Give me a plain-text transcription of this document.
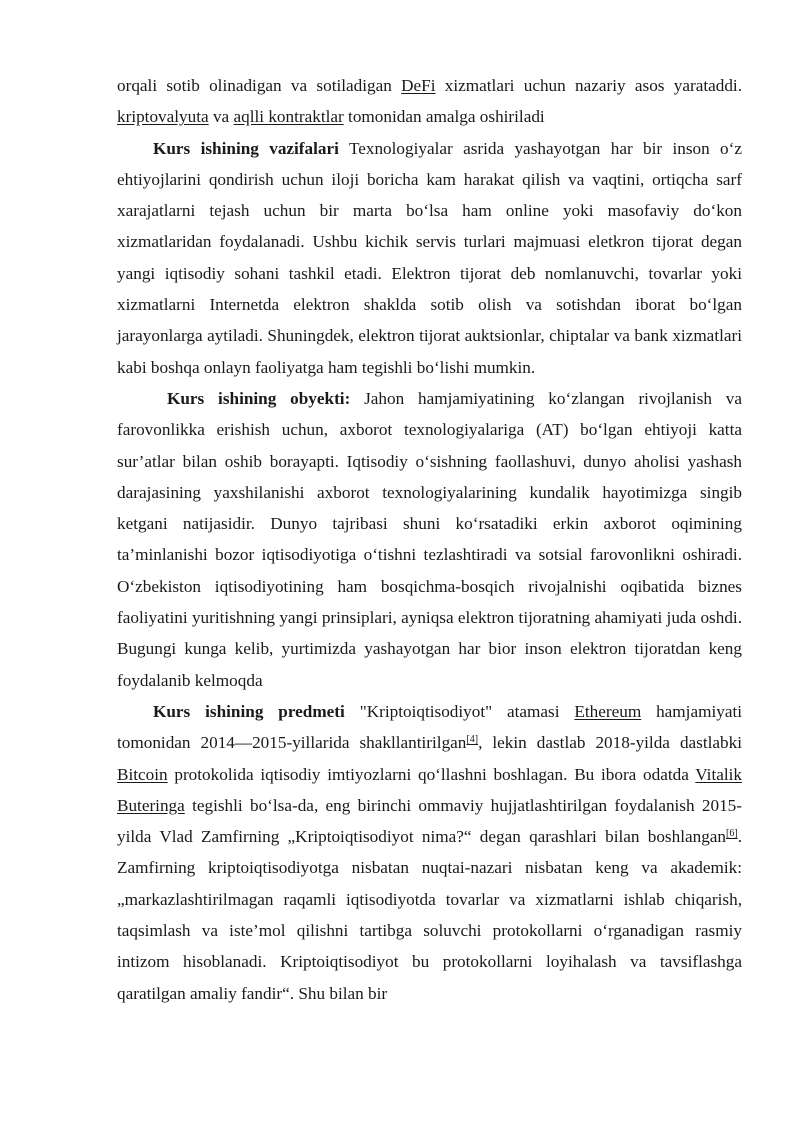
orqali sotib olinadigan va sotiladigan DeFi xizmatlari uchun nazariy asos yarataddi. kriptovalyuta va aqlli kontraktlar tomonidan amalga oshiriladi

Kurs ishining vazifalari Texnologiyalar asrida yashayotgan har bir inson o‘z ehtiyojlarini qondirish uchun iloji boricha kam harakat qilish va vaqtini, ortiqcha sarf xarajatlarni tejash uchun bir marta bo‘lsa ham online yoki masofaviy do‘kon xizmatlaridan foydalanadi. Ushbu kichik servis turlari majmuasi eletkron tijorat degan yangi iqtisodiy sohani tashkil etadi. Elektron tijorat deb nomlanuvchi, tovarlar yoki xizmatlarni Internetda elektron shaklda sotib olish va sotishdan iborat bo‘lgan jarayonlarga aytiladi. Shuningdek, elektron tijorat auktsionlar, chiptalar va bank xizmatlari kabi boshqa onlayn faoliyatga ham tegishli bo‘lishi mumkin.

Kurs ishining obyekti: Jahon hamjamiyatining ko‘zlangan rivojlanish va farovonlikka erishish uchun, axborot texnologiyalariga (AT) bo‘lgan ehtiyoji katta sur’atlar bilan oshib borayapti. Iqtisodiy o‘sishning faollashuvi, dunyo aholisi yashash darajasining yaxshilanishi axborot texnologiyalarining kundalik hayotimizga singib ketgani natijasidir. Dunyo tajribasi shuni ko‘rsatadiki erkin axborot oqimining ta’minlanishi bozor iqtisodiyotiga o‘tishni tezlashtiradi va sotsial farovonlikni oshiradi. O‘zbekiston iqtisodiyotining ham bosqichma-bosqich rivojalnishi oqibatida biznes faoliyatini yuritishning yangi prinsiplari, ayniqsa elektron tijoratning ahamiyati juda oshdi. Bugungi kunga kelib, yurtimizda yashayotgan har bior inson elektron tijoratdan keng foydalanib kelmoqda

Kurs ishining predmeti "Kriptoiqtisodiyot" atamasi Ethereum hamjamiyati tomonidan 2014—2015-yillarida shakllantirilgan[4], lekin dastlab 2018-yilda dastlabki Bitcoin protokolida iqtisodiy imtiyozlarni qo‘llashni boshlagan. Bu ibora odatda Vitalik Buteringa tegishli bo‘lsa-da, eng birinchi ommaviy hujjatlashtirilgan foydalanish 2015-yilda Vlad Zamfirning „Kriptoiqtisodiyot nima?“ degan qarashlari bilan boshlangan[6]. Zamfirning kriptoiqtisodiyotga nisbatan nuqtai-nazari nisbatan keng va akademik: „markazlashtirilmagan raqamli iqtisodiyotda tovarlar va xizmatlarni ishlab chiqarish, taqsimlash va iste’mol qilishni tartibga soluvchi protokollarni o‘rganadigan rasmiy intizom hisoblanadi. Kriptoiqtisodiyot bu protokollarni loyihalash va tavsiflashga qaratilgan amaliy fandir“. Shu bilan bir
